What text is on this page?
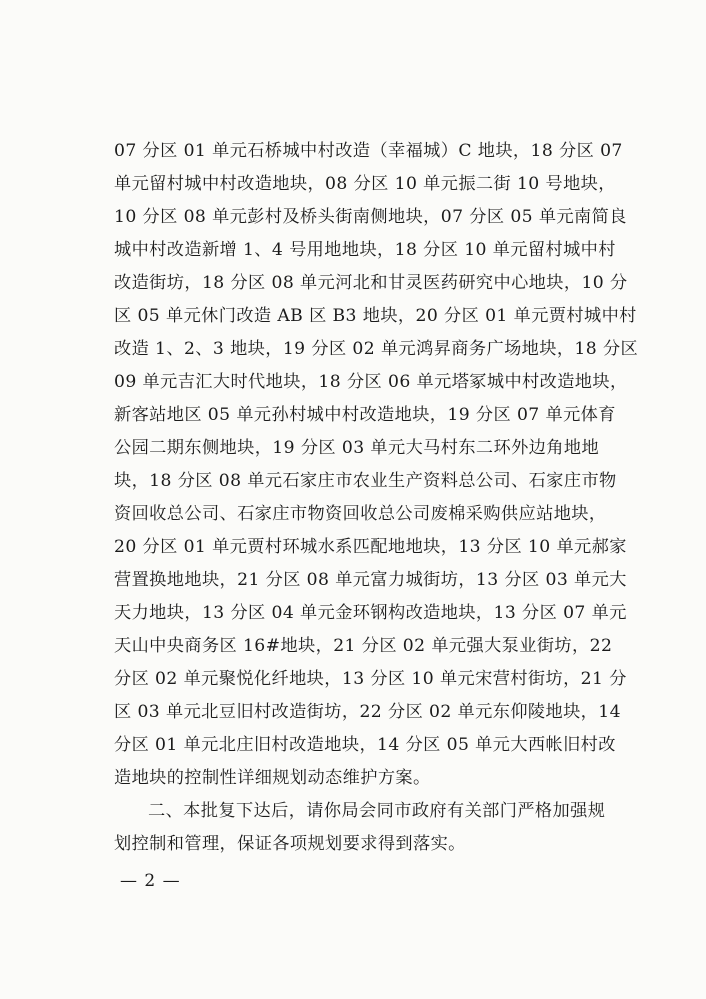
07 分区 01 单元石桥城中村改造（幸福城）C 地块，18 分区 07
单元留村城中村改造地块，08 分区 10 单元振二街 10 号地块，
10 分区 08 单元彭村及桥头街南侧地块，07 分区 05 单元南简良
城中村改造新增 1、4 号用地地块，18 分区 10 单元留村城中村
改造街坊，18 分区 08 单元河北和甘灵医药研究中心地块，10 分
区 05 单元休门改造 AB 区 B3 地块，20 分区 01 单元贾村城中村
改造 1、2、3 地块，19 分区 02 单元鸿昇商务广场地块，18 分区
09 单元吉汇大时代地块，18 分区 06 单元塔冢城中村改造地块，
新客站地区 05 单元孙村城中村改造地块，19 分区 07 单元体育
公园二期东侧地块，19 分区 03 单元大马村东二环外边角地地
块，18 分区 08 单元石家庄市农业生产资料总公司、石家庄市物
资回收总公司、石家庄市物资回收总公司废棉采购供应站地块，
20 分区 01 单元贾村环城水系匹配地地块，13 分区 10 单元郝家
营置换地地块，21 分区 08 单元富力城街坊，13 分区 03 单元大
天力地块，13 分区 04 单元金环钢构改造地块，13 分区 07 单元
天山中央商务区 16#地块，21 分区 02 单元强大泵业街坊，22
分区 02 单元聚悦化纤地块，13 分区 10 单元宋营村街坊，21 分
区 03 单元北豆旧村改造街坊，22 分区 02 单元东仰陵地块，14
分区 01 单元北庄旧村改造地块，14 分区 05 单元大西帐旧村改
造地块的控制性详细规划动态维护方案。
二、本批复下达后，请你局会同市政府有关部门严格加强规
划控制和管理，保证各项规划要求得到落实。
— 2 —
